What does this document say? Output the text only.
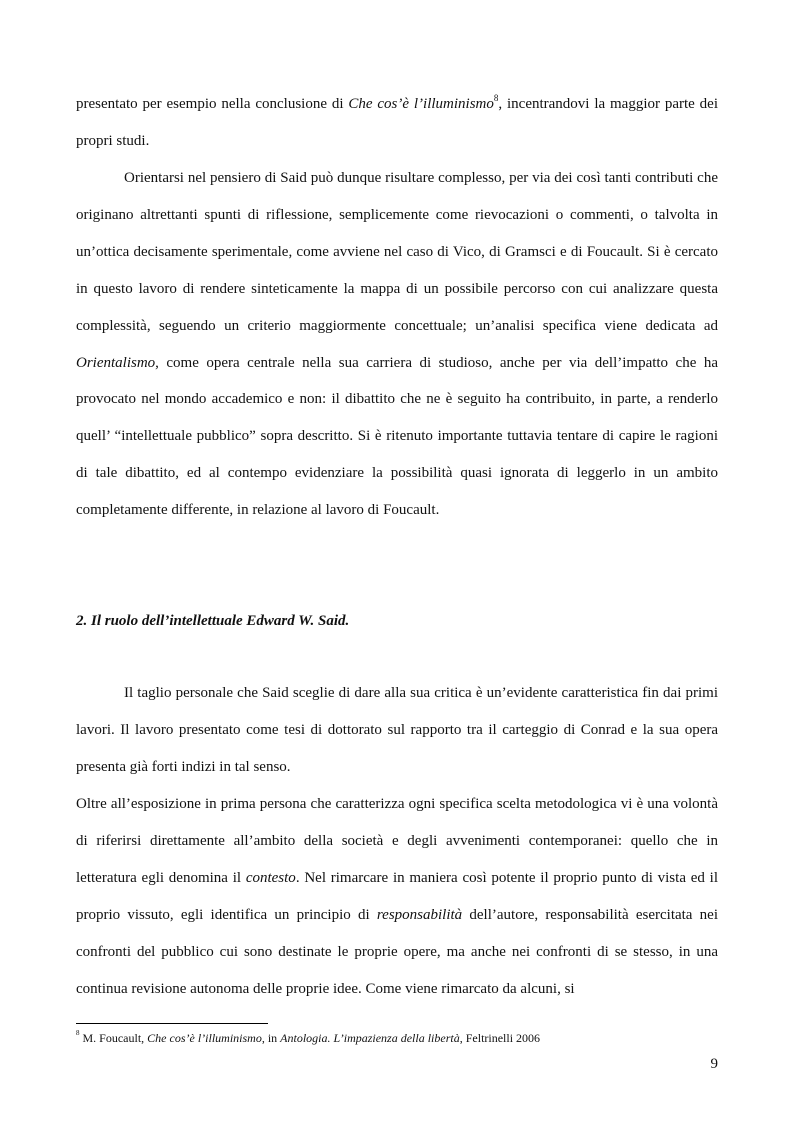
presentato per esempio nella conclusione di Che cos’è l’illuminismo$^8$, incentrandovi la maggior parte dei propri studi.

Orientarsi nel pensiero di Said può dunque risultare complesso, per via dei così tanti contributi che originano altrettanti spunti di riflessione, semplicemente come rievocazioni o commenti, o talvolta in un’ottica decisamente sperimentale, come avviene nel caso di Vico, di Gramsci e di Foucault. Si è cercato in questo lavoro di rendere sinteticamente la mappa di un possibile percorso con cui analizzare questa complessità, seguendo un criterio maggiormente concettuale; un’analisi specifica viene dedicata ad Orientalismo, come opera centrale nella sua carriera di studioso, anche per via dell’impatto che ha provocato nel mondo accademico e non: il dibattito che ne è seguito ha contribuito, in parte, a renderlo quell’ “intellettuale pubblico” sopra descritto. Si è ritenuto importante tuttavia tentare di capire le ragioni di tale dibattito, ed al contempo evidenziare la possibilità quasi ignorata di leggerlo in un ambito completamente differente, in relazione al lavoro di Foucault.

2. Il ruolo dell’intellettuale Edward W. Said.

Il taglio personale che Said sceglie di dare alla sua critica è un’evidente caratteristica fin dai primi lavori. Il lavoro presentato come tesi di dottorato sul rapporto tra il carteggio di Conrad e la sua opera presenta già forti indizi in tal senso.

Oltre all’esposizione in prima persona che caratterizza ogni specifica scelta metodologica vi è una volontà di riferirsi direttamente all’ambito della società e degli avvenimenti contemporanei: quello che in letteratura egli denomina il contesto. Nel rimarcare in maniera così potente il proprio punto di vista ed il proprio vissuto, egli identifica un principio di responsabilità dell’autore, responsabilità esercitata nei confronti del pubblico cui sono destinate le proprie opere, ma anche nei confronti di se stesso, in una continua revisione autonoma delle proprie idee. Come viene rimarcato da alcuni, si

$^8$ M. Foucault, Che cos’è l’illuminismo, in Antologia. L’impazienza della libertà, Feltrinelli 2006

9
